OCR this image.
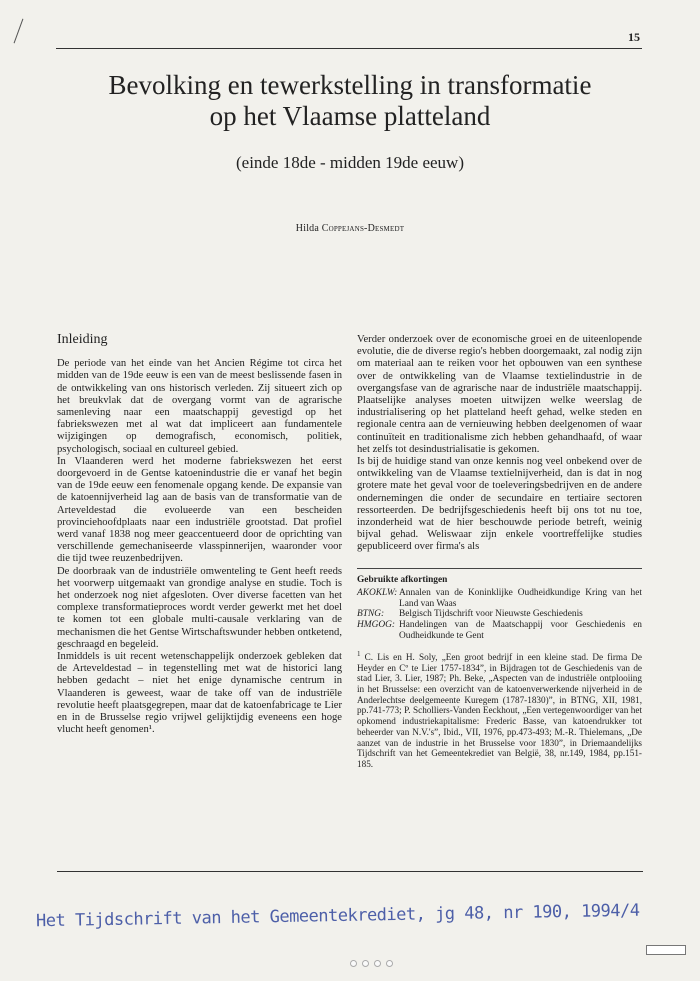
15
Bevolking en tewerkstelling in transformatie
op het Vlaamse platteland
(einde 18de - midden 19de eeuw)
Hilda Coppejans-Desmedt
Inleiding

De periode van het einde van het Ancien Régime tot circa het midden van de 19de eeuw is een van de meest beslissende fasen in de ontwikkeling van ons historisch verleden. Zij situeert zich op het breukvlak dat de overgang vormt van de agrarische samenleving naar een maatschappij gevestigd op het fabriekswezen met al wat dat impliceert aan fundamentele wijzigingen op demografisch, economisch, politiek, psychologisch, sociaal en cultureel gebied.

In Vlaanderen werd het moderne fabriekswezen het eerst doorgevoerd in de Gentse katoenindustrie die er vanaf het begin van de 19de eeuw een fenomenale opgang kende. De expansie van de katoennijverheid lag aan de basis van de transformatie van de Arteveldestad die evolueerde van een bescheiden provinciehoofdplaats naar een industriële grootstad. Dat profiel werd vanaf 1838 nog meer geaccentueerd door de oprichting van verschillende gemechaniseerde vlasspinnerijen, waaronder voor die tijd twee reuzenbedrijven.

De doorbraak van de industriële omwenteling te Gent heeft reeds het voorwerp uitgemaakt van grondige analyse en studie. Toch is het onderzoek nog niet afgesloten. Over diverse facetten van het complexe transformatieproces wordt verder gewerkt met het doel te komen tot een globale multi-causale verklaring van de mechanismen die het Gentse Wirtschaftswunder hebben ontketend, geschraagd en begeleid.

Inmiddels is uit recent wetenschappelijk onderzoek gebleken dat de Arteveldestad – in tegenstelling met wat de historici lang hebben gedacht – niet het enige dynamische centrum in Vlaanderen is geweest, waar de take off van de industriële revolutie heeft plaatsgegrepen, maar dat de katoenfabricage te Lier en in de Brusselse regio vrijwel gelijktijdig eveneens een hoge vlucht heeft genomen¹.

Verder onderzoek over de economische groei en de uiteenlopende evolutie, die de diverse regio's hebben doorgemaakt, zal nodig zijn om materiaal aan te reiken voor het opbouwen van een synthese over de ontwikkeling van de Vlaamse textielindustrie in de overgangsfase van de agrarische naar de industriële maatschappij. Plaatselijke analyses moeten uitwijzen welke weerslag de industrialisering op het platteland heeft gehad, welke steden en regionale centra aan de vernieuwing hebben deelgenomen of waar continuïteit en traditionalisme zich hebben gehandhaafd, of waar het zelfs tot desindustrialisatie is gekomen.

Is bij de huidige stand van onze kennis nog veel onbekend over de ontwikkeling van de Vlaamse textielnijverheid, dan is dat in nog grotere mate het geval voor de toeleveringsbedrijven en de andere ondernemingen die onder de secundaire en tertiaire sectoren ressorteerden. De bedrijfsgeschiedenis heeft bij ons tot nu toe, inzonderheid wat de hier beschouwde periode betreft, weinig bijval gehad. Weliswaar zijn enkele voortreffelijke studies gepubliceerd over firma's als

Gebruikte afkortingen
AKOKLW: Annalen van de Koninklijke Oudheidkundige Kring van het Land van Waas
BTNG:	Belgisch Tijdschrift voor Nieuwste Geschiedenis
HMGOG: Handelingen van de Maatschappij voor Geschiedenis en Oudheidkunde te Gent
$^1$ C. Lis en H. Soly, „Een groot bedrijf in een kleine stad. De firma De Heyder en Cº te Lier 1757-1834”, in Bijdragen tot de Geschiedenis van de stad Lier, 3. Lier, 1987; Ph. Beke, „Aspecten van de industriële ontplooiing in het Brusselse: een overzicht van de katoenverwerkende nijverheid in de Anderlechtse deelgemeente Kuregem (1787-1830)”, in BTNG, XII, 1981, pp.741-773; P. Scholliers-Vanden Eeckhout, „Een vertegenwoordiger van het opkomend industriekapitalisme: Frederic Basse, van katoendrukker tot beheerder van N.V.'s”, Ibid., VII, 1976, pp.473-493; M.-R. Thielemans, „De aanzet van de industrie in het Brusselse voor 1830”, in Driemaandelijks Tijdschrift van het Gemeentekrediet van België, 38, nr.149, 1984, pp.151-185.
Het Tijdschrift van het Gemeentekrediet, jg 48, nr 190, 1994/4
